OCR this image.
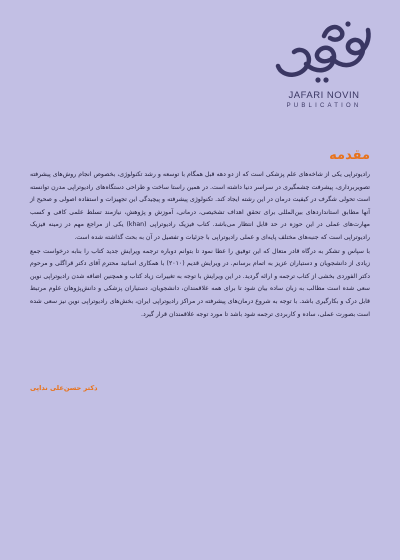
JAFARI NOVIN
PUBLICATION
مقدمه

رادیوتراپی یکی از شاخه‌های علم پزشکی است که از دو دهه قبل همگام با توسعه و رشد تکنولوژی، بخصوص انجام روش‌های پیشرفته تصویربرداری، پیشرفت چشمگیری در سراسر دنیا داشته است. در همین راستا ساخت و طراحی دستگاه‌های رادیوتراپی مدرن توانسته است تحولی شگرف در کیفیت درمان در این رشته ایجاد کند. تکنولوژی پیشرفته و پیچیدگی این تجهیزات و استفاده اصولی و صحیح از آنها مطابق استانداردهای بین‌المللی برای تحقق اهداف تشخیصی، درمانی، آموزش و پژوهش، نیازمند تسلط علمی کافی و کسب مهارت‌های عملی در این حوزه در حد قابل انتظار می‌باشد. کتاب فیزیک رادیوتراپی (khan) یکی از مراجع مهم در زمینه فیزیک رادیوتراپی است که جنبه‌های مختلف پایه‌ای و عملی رادیوتراپی با جزئیات و تفصیل در آن به بحث گذاشته شده است.

با سپاس و تشکر به درگاه قادر متعال که این توفیق را عطا نمود تا بتوانم دوباره ترجمه ویرایش جدید کتاب را بنابه درخواست جمع زیادی از دانشجویان و دستیاران عزیز به اتمام برسانم. در ویرایش قدیم (۲۰۱۰) با همکاری اساتید محترم آقای دکتر قراگلی و مرحوم دکتر الفوردی بخشی از کتاب ترجمه و ارائه گردید. در این ویرایش با توجه به تغییرات زیاد کتاب و همچنین اضافه شدن رادیوتراپی نوین سعی شده است مطالب به زبان ساده بیان شود تا برای همه علاقمندان، دانشجویان، دستیاران پزشکی و دانش‌پژوهان علوم مرتبط قابل درک و بکارگیری باشد. با توجه به شروع درمان‌های پیشرفته در مراکز رادیوتراپی ایران، بخش‌های رادیوتراپی نوین نیز سعی شده است بصورت عملی، ساده و کاربردی ترجمه شود باشد تا مورد توجه علاقمندان قرار گیرد.

دکتر حسن‌علی نداپی
